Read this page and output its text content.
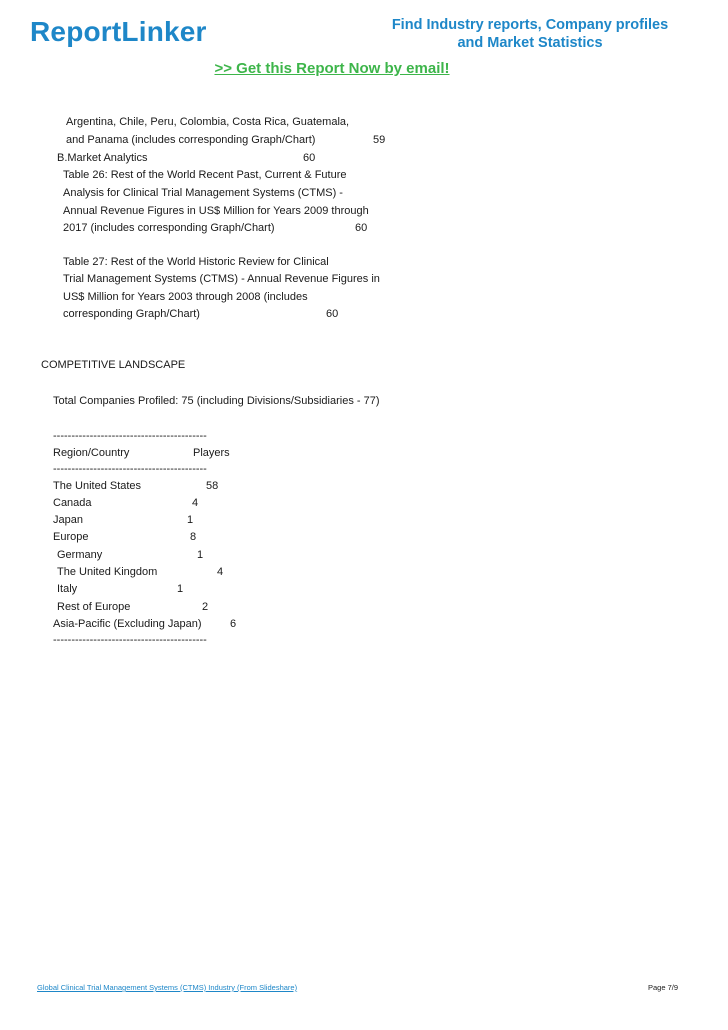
ReportLinker	Find Industry reports, Company profiles
and Market Statistics
>> Get this Report Now by email!
Argentina, Chile, Peru, Colombia, Costa Rica, Guatemala,
and Panama (includes corresponding Graph/Chart)	59
B.Market Analytics	60
Table 26: Rest of the World Recent Past, Current & Future
Analysis for Clinical Trial Management Systems (CTMS) -
Annual Revenue Figures in US$ Million for Years 2009 through
2017 (includes corresponding Graph/Chart)	60
Table 27: Rest of the World Historic Review for Clinical
Trial Management Systems (CTMS) - Annual Revenue Figures in
US$ Million for Years 2003 through 2008 (includes
corresponding Graph/Chart)	60
COMPETITIVE LANDSCAPE
Total Companies Profiled: 75 (including Divisions/Subsidiaries - 77)
------------------------------------------
Region/Country	Players
------------------------------------------
The United States	58
Canada	4
Japan	1
Europe	8
Germany	1
The United Kingdom	4
Italy	1
Rest of Europe	2
Asia-Pacific (Excluding Japan)	6
------------------------------------------
Global Clinical Trial Management Systems (CTMS) Industry (From Slideshare)	Page 7/9
